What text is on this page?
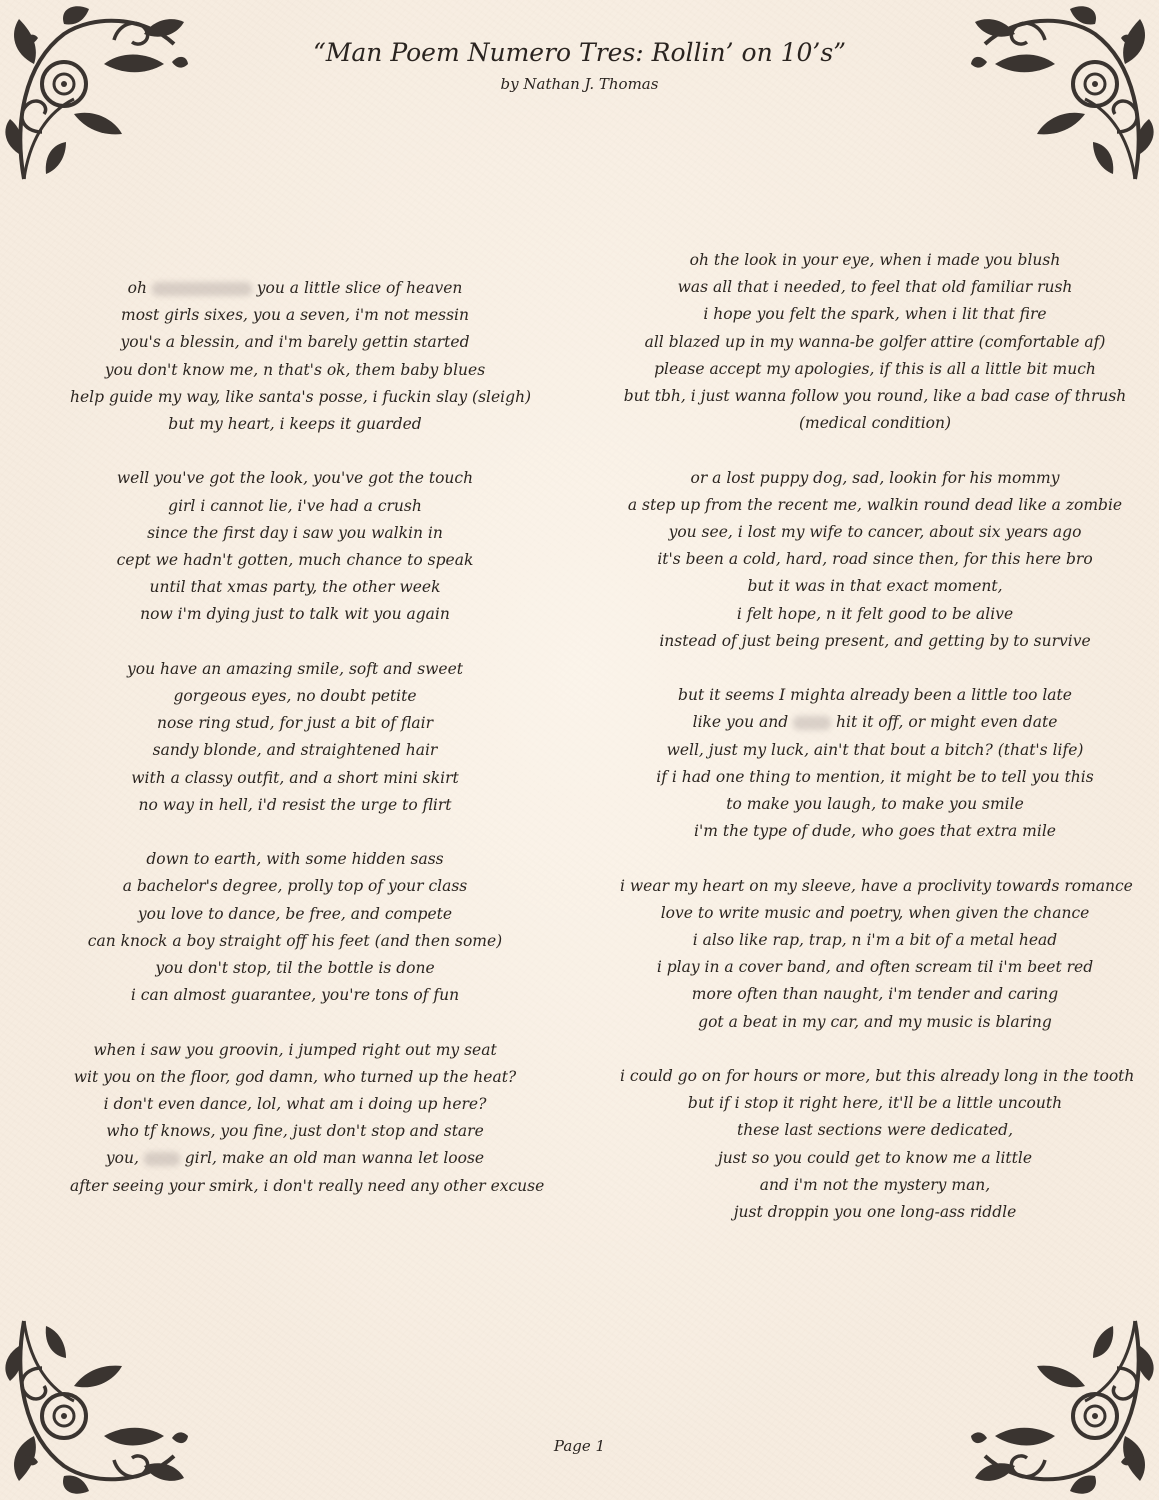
“Man Poem Numero Tres: Rollin’ on 10’s”
by Nathan J. Thomas
oh	you a little slice of heaven
most girls sixes, you a seven, i'm not messin
you's a blessin, and i'm barely gettin started
you don't know me, n that's ok, them baby blues
help guide my way, like santa's posse, i fuckin slay (sleigh)
but my heart, i keeps it guarded
well you've got the look, you've got the touch
girl i cannot lie, i've had a crush
since the first day i saw you walkin in
cept we hadn't gotten, much chance to speak
until that xmas party, the other week
now i'm dying just to talk wit you again
you have an amazing smile, soft and sweet
gorgeous eyes, no doubt petite
nose ring stud, for just a bit of flair
sandy blonde, and straightened hair
with a classy outfit, and a short mini skirt
no way in hell, i'd resist the urge to flirt
down to earth, with some hidden sass
a bachelor's degree, prolly top of your class
you love to dance, be free, and compete
can knock a boy straight off his feet (and then some)
you don't stop, til the bottle is done
i can almost guarantee, you're tons of fun
when i saw you groovin, i jumped right out my seat
wit you on the floor, god damn, who turned up the heat?
i don't even dance, lol, what am i doing up here?
who tf knows, you fine, just don't stop and stare
you,  girl, make an old man wanna let loose
after seeing your smirk, i don't really need any other excuse
oh the look in your eye, when i made you blush
was all that i needed, to feel that old familiar rush
i hope you felt the spark, when i lit that fire
all blazed up in my wanna-be golfer attire (comfortable af)
please accept my apologies, if this is all a little bit much
but tbh, i just wanna follow you round, like a bad case of thrush
(medical condition)
or a lost puppy dog, sad, lookin for his mommy
a step up from the recent me, walkin round dead like a zombie
you see, i lost my wife to cancer, about six years ago
it's been a cold, hard, road since then, for this here bro
but it was in that exact moment,
i felt hope, n it felt good to be alive
instead of just being present, and getting by to survive
but it seems I mighta already been a little too late
like you and  hit it off, or might even date
well, just my luck, ain't that bout a bitch? (that's life)
if i had one thing to mention, it might be to tell you this
to make you laugh, to make you smile
i'm the type of dude, who goes that extra mile
i wear my heart on my sleeve, have a proclivity towards romance
love to write music and poetry, when given the chance
i also like rap, trap, n i'm a bit of a metal head
i play in a cover band, and often scream til i'm beet red
more often than naught, i'm tender and caring
got a beat in my car, and my music is blaring
i could go on for hours or more, but this already long in the tooth
but if i stop it right here, it'll be a little uncouth
these last sections were dedicated,
just so you could get to know me a little
and i'm not the mystery man,
just droppin you one long-ass riddle
Page 1
